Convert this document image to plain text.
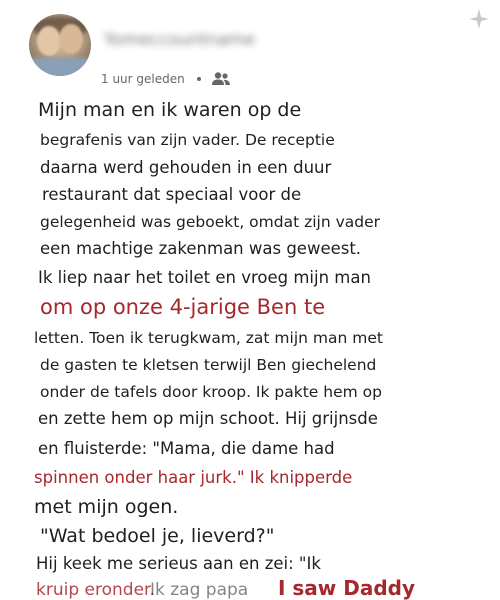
Yomeccountname
1 uur geleden
Mijn man en ik waren op de
begrafenis van zijn vader. De receptie
daarna werd gehouden in een duur
restaurant dat speciaal voor de
gelegenheid was geboekt, omdat zijn vader
een machtige zakenman was geweest.
Ik liep naar het toilet en vroeg mijn man
om op onze 4-jarige Ben te
letten. Toen ik terugkwam, zat mijn man met
de gasten te kletsen terwijl Ben giechelend
onder de tafels door kroop. Ik pakte hem op
en zette hem op mijn schoot. Hij grijnsde
en fluisterde: "Mama, die dame had
spinnen onder haar jurk." Ik knipperde
met mijn ogen.
"Wat bedoel je, lieverd?"
Hij keek me serieus aan en zei: "Ik
kruip eronder.
Ik zag papa I saw Daddy
